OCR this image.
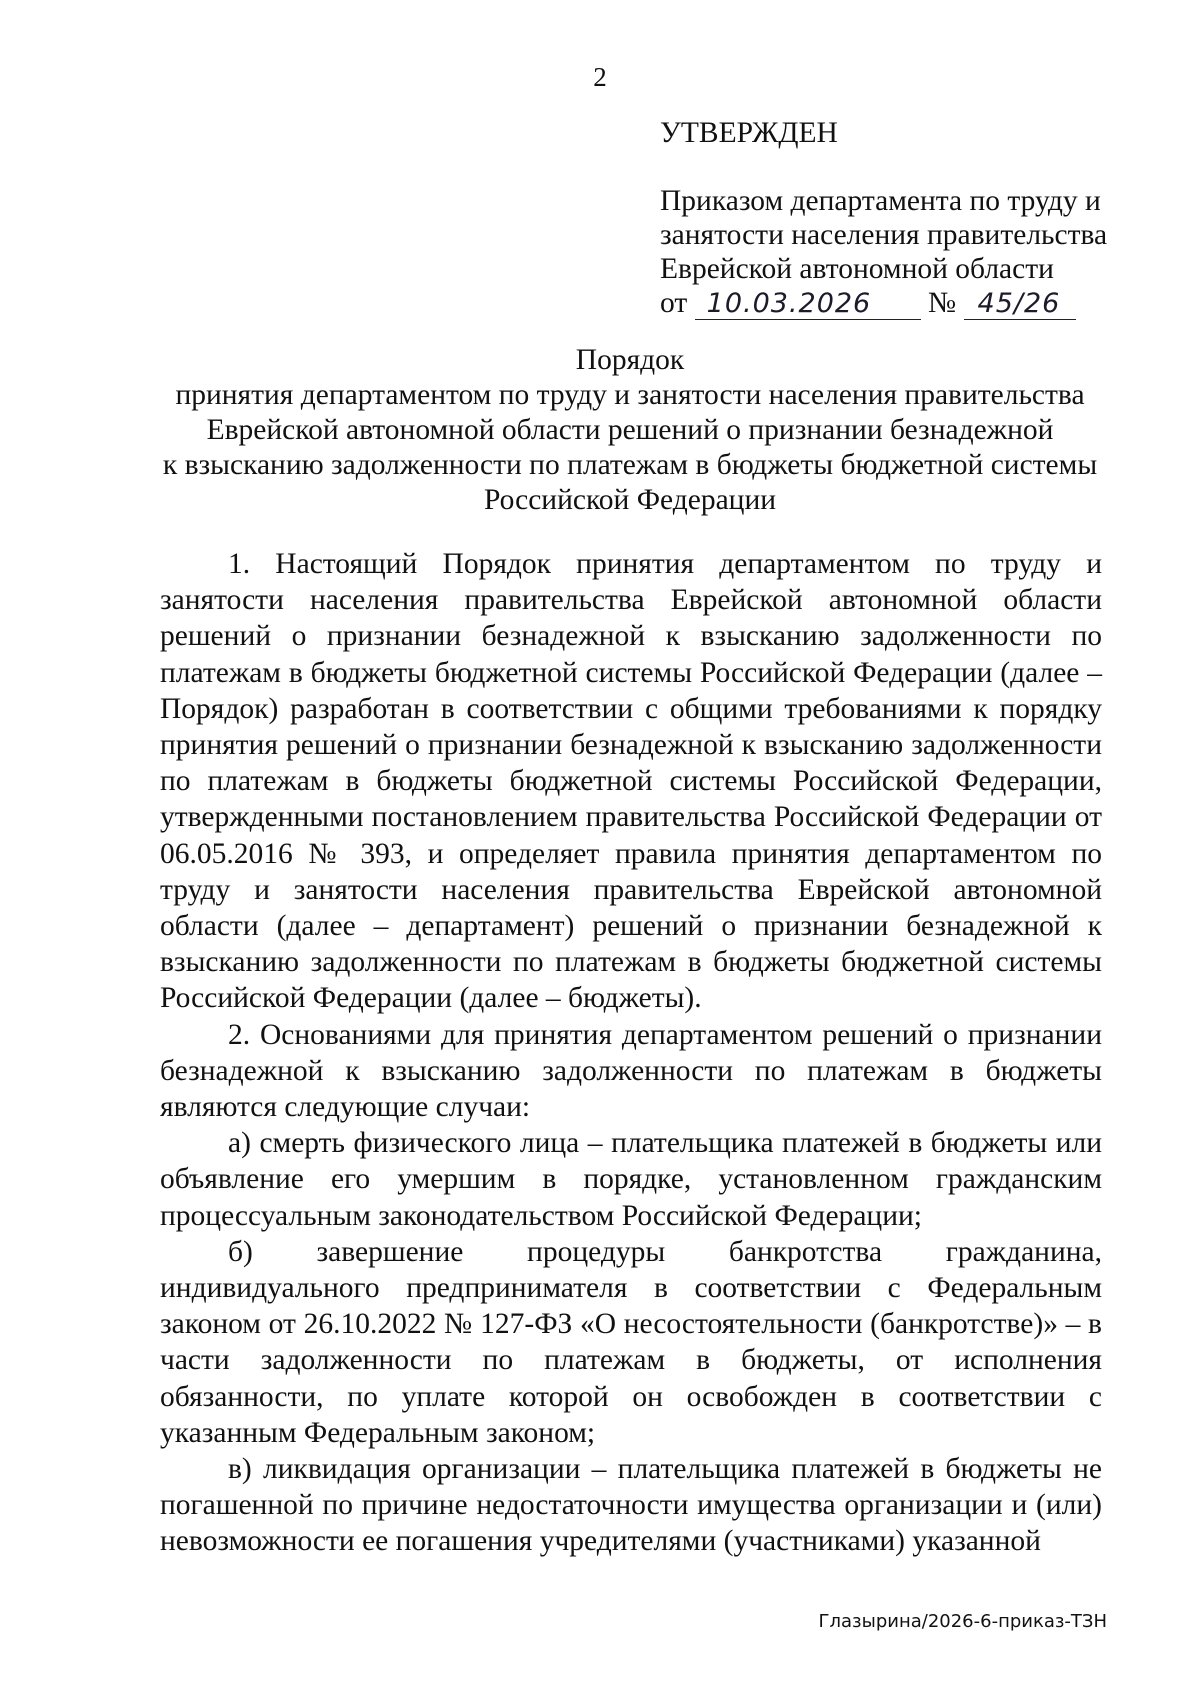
2

УТВЕРЖДЕН

Приказом департамента по труду и
занятости населения правительства
Еврейской автономной области
от 10.03.2026 № 45/26
Порядок
принятия департаментом по труду и занятости населения правительства
Еврейской автономной области решений о признании безнадежной
к взысканию задолженности по платежам в бюджеты бюджетной системы
Российской Федерации

1. Настоящий Порядок принятия департаментом по труду и занятости населения правительства Еврейской автономной области решений о признании безнадежной к взысканию задолженности по платежам в бюджеты бюджетной системы Российской Федерации (далее – Порядок) разработан в соответствии с общими требованиями к порядку принятия решений о признании безнадежной к взысканию задолженности по платежам в бюджеты бюджетной системы Российской Федерации, утвержденными постановлением правительства Российской Федерации от 06.05.2016 № 393, и определяет правила принятия департаментом по труду и занятости населения правительства Еврейской автономной области (далее – департамент) решений о признании безнадежной к взысканию задолженности по платежам в бюджеты бюджетной системы Российской Федерации (далее – бюджеты).

2. Основаниями для принятия департаментом решений о признании безнадежной к взысканию задолженности по платежам в бюджеты являются следующие случаи:

а) смерть физического лица – плательщика платежей в бюджеты или объявление его умершим в порядке, установленном гражданским процессуальным законодательством Российской Федерации;

б) завершение процедуры банкротства гражданина, индивидуального предпринимателя в соответствии с Федеральным законом от 26.10.2022 № 127-ФЗ «О несостоятельности (банкротстве)» – в части задолженности по платежам в бюджеты, от исполнения обязанности, по уплате которой он освобожден в соответствии с указанным Федеральным законом;

в) ликвидация организации – плательщика платежей в бюджеты не погашенной по причине недостаточности имущества организации и (или) невозможности ее погашения учредителями (участниками) указанной

Глазырина/2026-6-приказ-ТЗН
